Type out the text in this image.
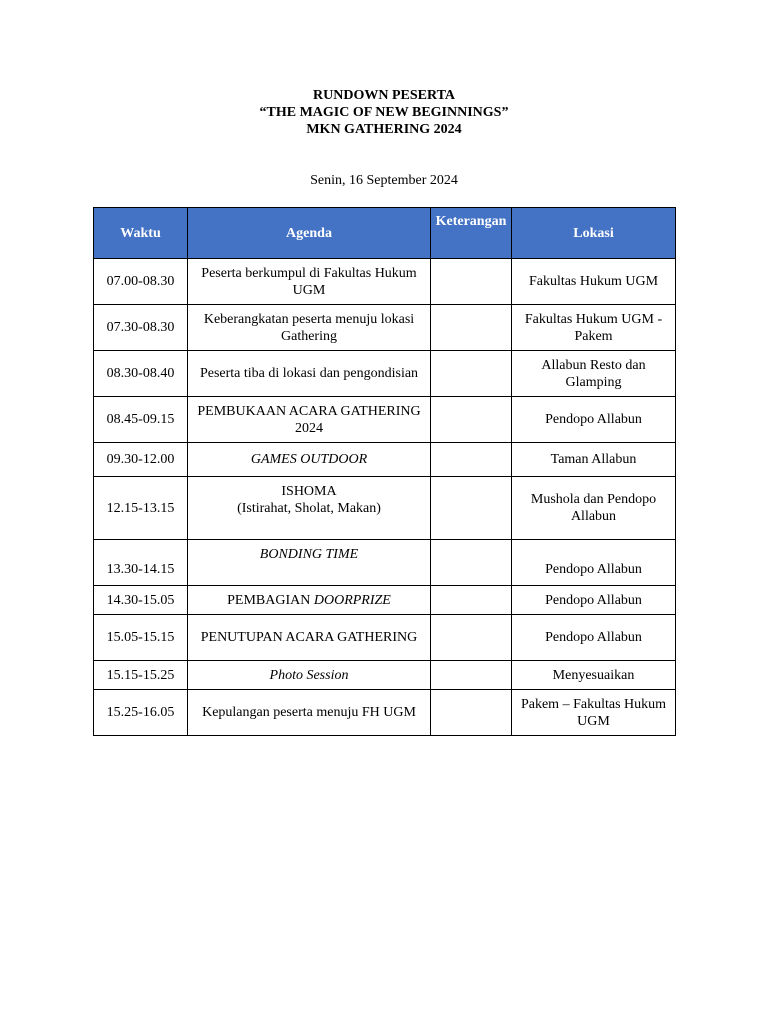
RUNDOWN PESERTA
“THE MAGIC OF NEW BEGINNINGS”
MKN GATHERING 2024
Senin, 16 September 2024
Waktu	Agenda	Keterangan	Lokasi
07.00-08.30	Peserta berkumpul di Fakultas Hukum UGM		Fakultas Hukum UGM
07.30-08.30	Keberangkatan peserta menuju lokasi Gathering		Fakultas Hukum UGM - Pakem
08.30-08.40	Peserta tiba di lokasi dan pengondisian		Allabun Resto dan Glamping
08.45-09.15	PEMBUKAAN ACARA GATHERING 2024		Pendopo Allabun
09.30-12.00	GAMES OUTDOOR		Taman Allabun
12.15-13.15	ISHOMA
(Istirahat, Sholat, Makan)		Mushola dan Pendopo Allabun
13.30-14.15	BONDING TIME		Pendopo Allabun
14.30-15.05	PEMBAGIAN DOORPRIZE		Pendopo Allabun
15.05-15.15	PENUTUPAN ACARA GATHERING		Pendopo Allabun
15.15-15.25	Photo Session		Menyesuaikan
15.25-16.05	Kepulangan peserta menuju FH UGM		Pakem – Fakultas Hukum UGM
